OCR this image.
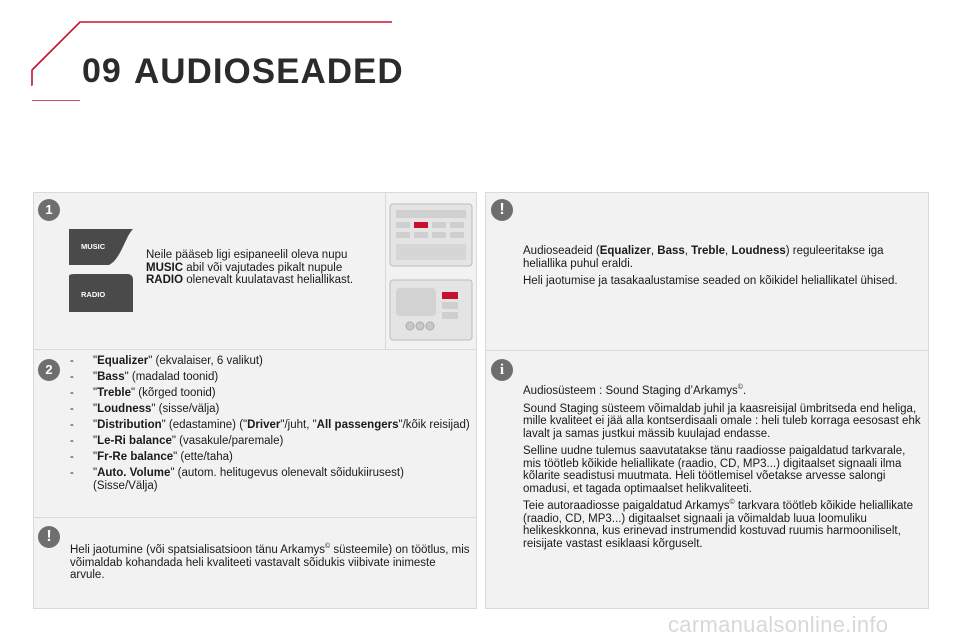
09 AUDIOSEADED
1
MUSIC
RADIO
Neile pääseb ligi esipaneelil oleva nupu MUSIC abil või vajutades pikalt nupule RADIO olenevalt kuulatavast heliallikast.
2
- "Equalizer" (ekvalaiser, 6 valikut)
- "Bass" (madalad toonid)
- "Treble" (kõrged toonid)
- "Loudness" (sisse/välja)
- "Distribution" (edastamine) ("Driver"/juht, "All passengers"/kõik reisijad)
- "Le-Ri balance" (vasakule/paremale)
- "Fr-Re balance" (ette/taha)
- "Auto. Volume" (autom. helitugevus olenevalt sõidukiirusest) (Sisse/Välja)
!
Heli jaotumine (või spatsialisatsioon tänu Arkamys© süsteemile) on töötlus, mis võimaldab kohandada heli kvaliteeti vastavalt sõidukis viibivate inimeste arvule.
!

Audioseadeid (Equalizer, Bass, Treble, Loudness) reguleeritakse iga heliallika puhul eraldi.

Heli jaotumise ja tasakaalustamise seaded on kõikidel heliallikatel ühised.

i

Audiosüsteem : Sound Staging d’Arkamys©.

Sound Staging süsteem võimaldab juhil ja kaasreisijal ümbritseda end heliga, mille kvaliteet ei jää alla kontserdisaali omale : heli tuleb korraga eesosast ehk lavalt ja samas justkui mässib kuulajad endasse.

Selline uudne tulemus saavutatakse tänu raadiosse paigaldatud tarkvarale, mis töötleb kõikide heliallikate (raadio, CD, MP3...) digitaalset signaali ilma kõlarite seadistusi muutmata. Heli töötlemisel võetakse arvesse salongi omadusi, et tagada optimaalset helikvaliteeti.

Teie autoraadiosse paigaldatud Arkamys© tarkvara töötleb kõikide heliallikate (raadio, CD, MP3...) digitaalset signaali ja võimaldab luua loomuliku helikeskkonna, kus erinevad instrumendid kostuvad ruumis harmooniliselt, reisijate vastast esiklaasi kõrguselt.

carmanualsonline.info
